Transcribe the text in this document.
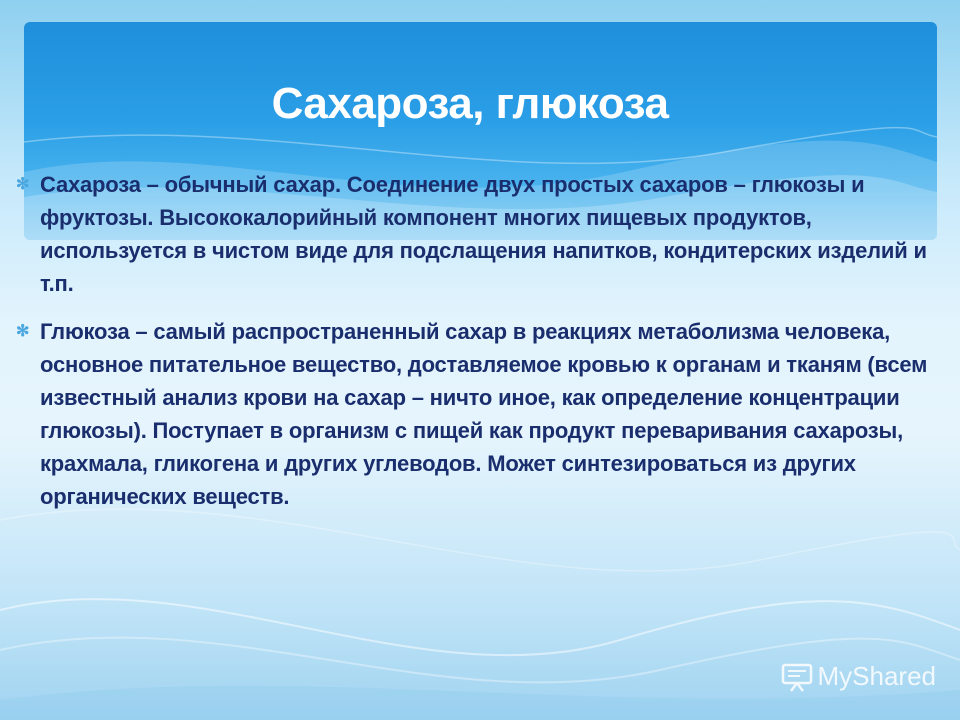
Сахароза, глюкоза
✻ Сахароза – обычный сахар. Соединение двух простых сахаров – глюкозы и фруктозы. Высококалорийный компонент многих пищевых продуктов, используется в чистом виде для подслащения напитков, кондитерских изделий и т.п.
✻ Глюкоза – самый распространенный сахар в реакциях метаболизма человека, основное питательное вещество, доставляемое кровью к органам и тканям (всем известный анализ крови на сахар – ничто иное, как определение концентрации глюкозы). Поступает в организм с пищей как продукт переваривания сахарозы, крахмала, гликогена и других углеводов. Может синтезироваться из других органических веществ.
MyShared
